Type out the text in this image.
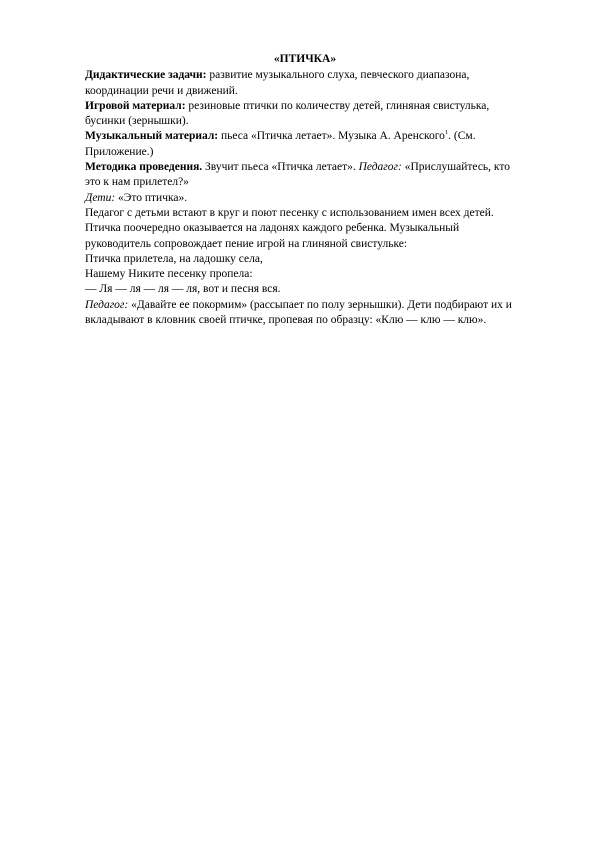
«ПТИЧКА»

Дидактические задачи: развитие музыкального слуха, певческого диапазона, координации речи и движений.

Игровой материал: резиновые птички по количеству детей, глиняная свистулька, бусинки (зернышки).

Музыкальный материал: пьеса «Птичка летает». Музыка А. Аренского$^1$. (См. Приложение.)

Методика проведения. Звучит пьеса «Птичка летает». Педагог: «Прислушайтесь, кто это к нам прилетел?»

Дети: «Это птичка».

Педагог с детьми встают в круг и поют песенку с использованием имен всех детей. Птичка поочередно оказывается на ладонях каждого ребенка. Музыкальный руководитель сопровождает пение игрой на глиняной свистульке:

Птичка прилетела, на ладошку села,

Нашему Никите песенку пропела:

— Ля — ля — ля — ля, вот и песня вся.

Педагог: «Давайте ее покормим» (рассыпает по полу зернышки). Дети подбирают их и вкладывают в кловник своей птичке, пропевая по образцу: «Клю — клю — клю».
